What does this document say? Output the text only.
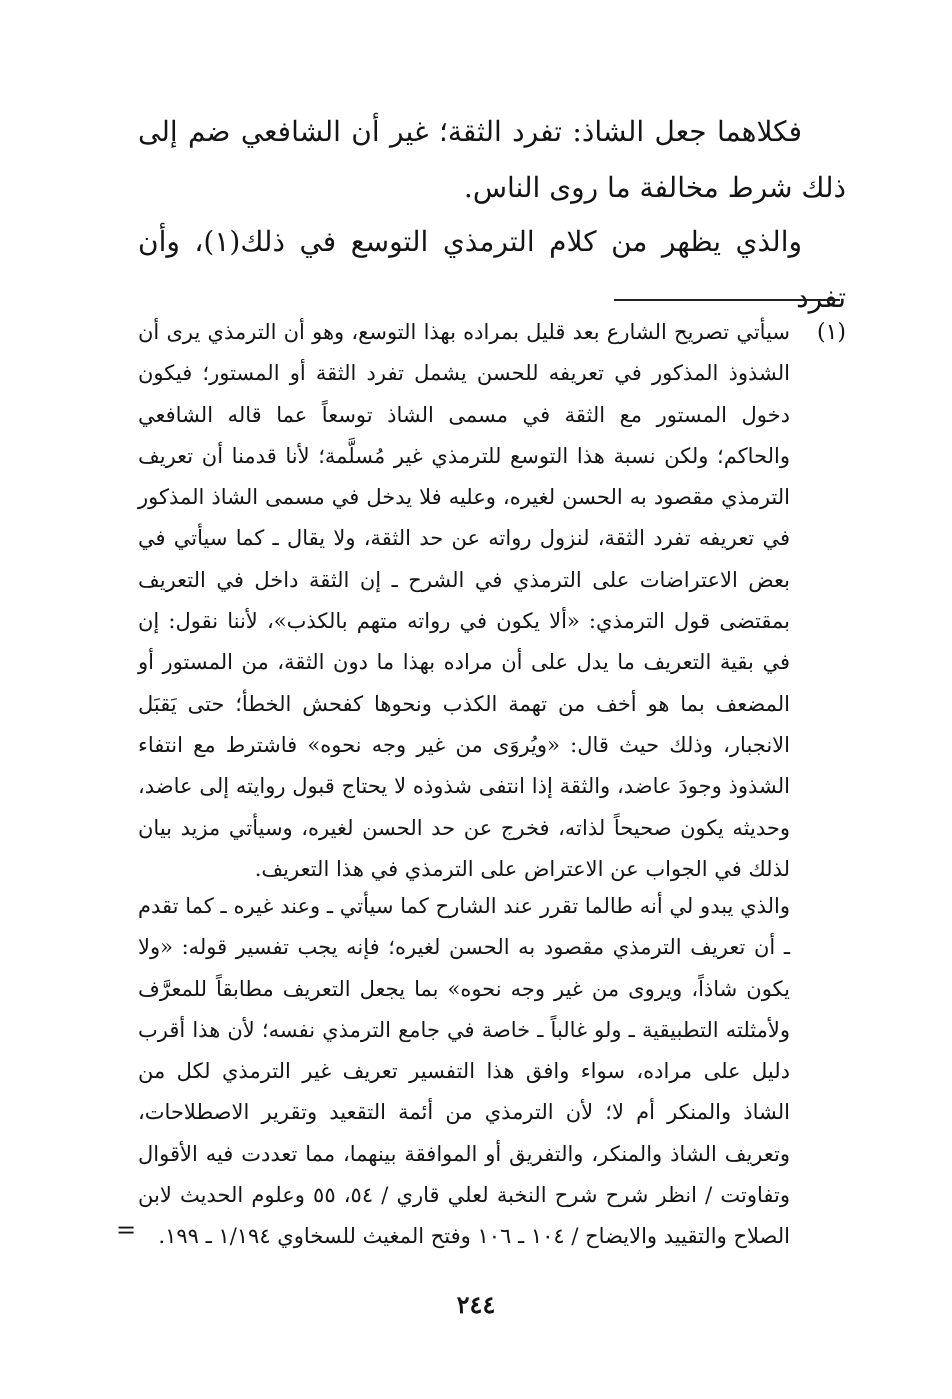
فكلاهما جعل الشاذ: تفرد الثقة؛ غير أن الشافعي ضم إلى ذلك شرط مخالفة ما روى الناس.

والذي يظهر من كلام الترمذي التوسع في ذلك(١)، وأن تفرد

(١)

سيأتي تصريح الشارع بعد قليل بمراده بهذا التوسع، وهو أن الترمذي يرى أن الشذوذ المذكور في تعريفه للحسن يشمل تفرد الثقة أو المستور؛ فيكون دخول المستور مع الثقة في مسمى الشاذ توسعاً عما قاله الشافعي والحاكم؛ ولكن نسبة هذا التوسع للترمذي غير مُسلَّمة؛ لأنا قدمنا أن تعريف الترمذي مقصود به الحسن لغيره، وعليه فلا يدخل في مسمى الشاذ المذكور في تعريفه تفرد الثقة، لنزول رواته عن حد الثقة، ولا يقال ـ كما سيأتي في بعض الاعتراضات على الترمذي في الشرح ـ إن الثقة داخل في التعريف بمقتضى قول الترمذي: «ألا يكون في رواته متهم بالكذب»، لأننا نقول: إن في بقية التعريف ما يدل على أن مراده بهذا ما دون الثقة، من المستور أو المضعف بما هو أخف من تهمة الكذب ونحوها كفحش الخطأ؛ حتى يَقبَل الانجبار، وذلك حيث قال: «ويُروَى من غير وجه نحوه» فاشترط مع انتفاء الشذوذ وجودَ عاضد، والثقة إذا انتفى شذوذه لا يحتاج قبول روايته إلى عاضد، وحديثه يكون صحيحاً لذاته، فخرج عن حد الحسن لغيره، وسيأتي مزيد بيان لذلك في الجواب عن الاعتراض على الترمذي في هذا التعريف.

والذي يبدو لي أنه طالما تقرر عند الشارح كما سيأتي ـ وعند غيره ـ كما تقدم ـ أن تعريف الترمذي مقصود به الحسن لغيره؛ فإنه يجب تفسير قوله: «ولا يكون شاذاً، ويروى من غير وجه نحوه» بما يجعل التعريف مطابقاً للمعرَّف ولأمثلته التطبيقية ـ ولو غالباً ـ خاصة في جامع الترمذي نفسه؛ لأن هذا أقرب دليل على مراده، سواء وافق هذا التفسير تعريف غير الترمذي لكل من الشاذ والمنكر أم لا؛ لأن الترمذي من أئمة التقعيد وتقرير الاصطلاحات، وتعريف الشاذ والمنكر، والتفريق أو الموافقة بينهما، مما تعددت فيه الأقوال وتفاوتت / انظر شرح شرح النخبة لعلي قاري / ٥٤، ٥٥ وعلوم الحديث لابن الصلاح والتقييد والايضاح / ١٠٤ ـ ١٠٦ وفتح المغيث للسخاوي ١/١٩٤ ـ ١٩٩.

=
٢٤٤
